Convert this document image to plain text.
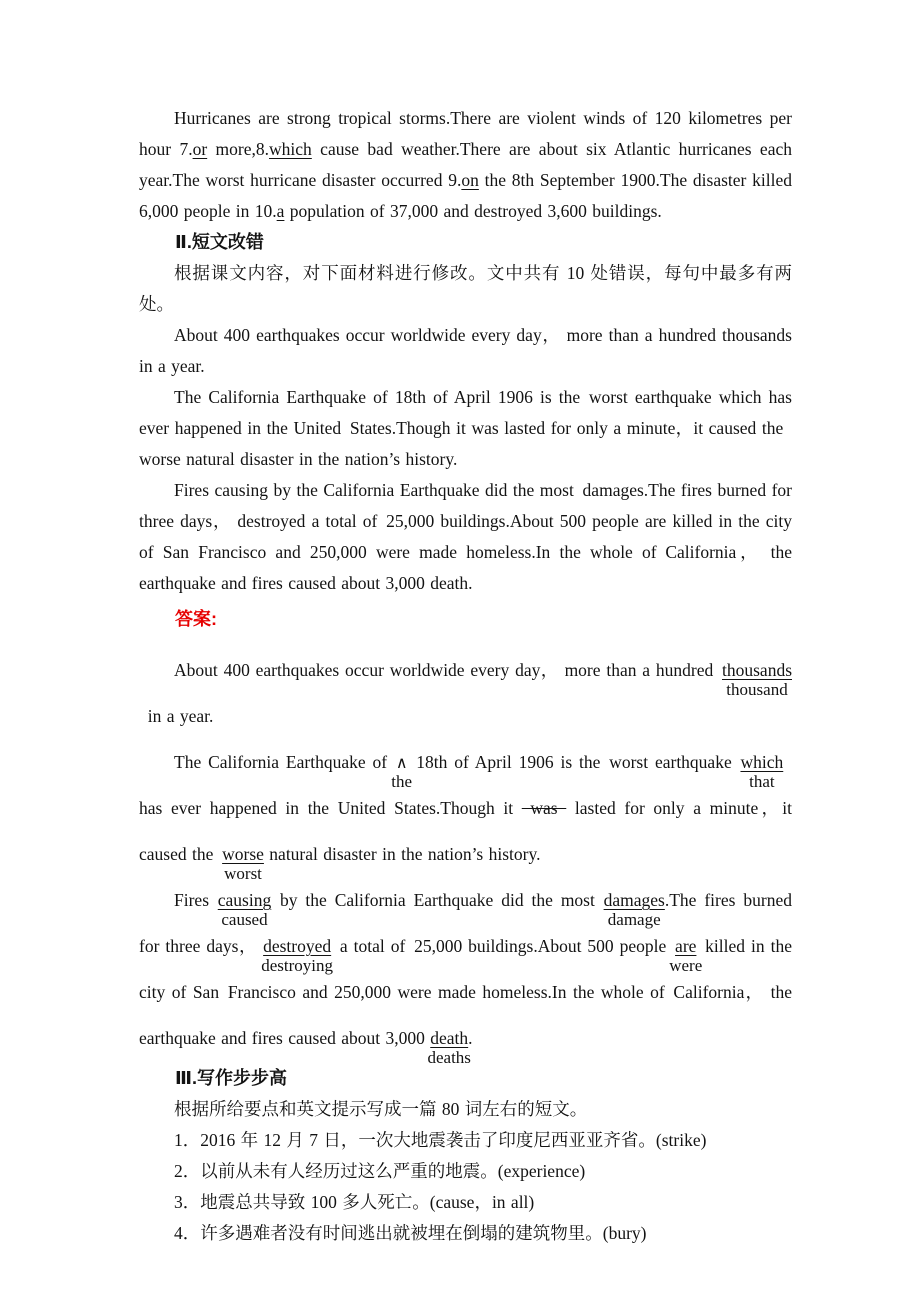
Hurricanes are strong tropical storms.There are violent winds of 120 kilometres per hour 7.or more,8.which cause bad weather.There are about six Atlantic hurricanes each year.The worst hurricane disaster occurred 9.on the 8th September 1900.The disaster killed 6,000 people in 10.a population of 37,000 and destroyed 3,600 buildings.

Ⅱ.短文改错

根据课文内容，对下面材料进行修改。文中共有 10 处错误，每句中最多有两处。

About 400 earthquakes occur worldwide every day， more than a hundred thousands in a year.

The California Earthquake of 18th of April 1906 is the worst earthquake which has ever happened in the United States.Though it was lasted for only a minute，it caused the worse natural disaster in the nation’s history.

Fires causing by the California Earthquake did the most damages.The fires burned for three days， destroyed a total of 25,000 buildings.About 500 people are killed in the city of San Francisco and 250,000 were made homeless.In the whole of California， the earthquake and fires caused about 3,000 death.

答案:

About 400 earthquakes occur worldwide every day， more than a hundred thousands
thousand
 in a year.

The California Earthquake of ∧
the
 18th of April 1906 is the worst earthquake which
that
 has ever happened in the United States.Though it  was  lasted for only a minute，it caused the worse
worst
natural disaster in the nation’s history.

Fires causing
caused
 by the California Earthquake did the most damages
damage
.The fires burned for three days， destroyed
destroying
 a total of 25,000 buildings.About 500 people are
were
 killed in the city of San Francisco and 250,000 were made homeless.In the whole of California， the earthquake and fires caused about 3,000 death
deaths
.

Ⅲ.写作步步高

根据所给要点和英文提示写成一篇 80 词左右的短文。

1．2016 年 12 月 7 日，一次大地震袭击了印度尼西亚亚齐省。(strike)

2．以前从未有人经历过这么严重的地震。(experience)

3．地震总共导致 100 多人死亡。(cause，in all)

4．许多遇难者没有时间逃出就被埋在倒塌的建筑物里。(bury)
